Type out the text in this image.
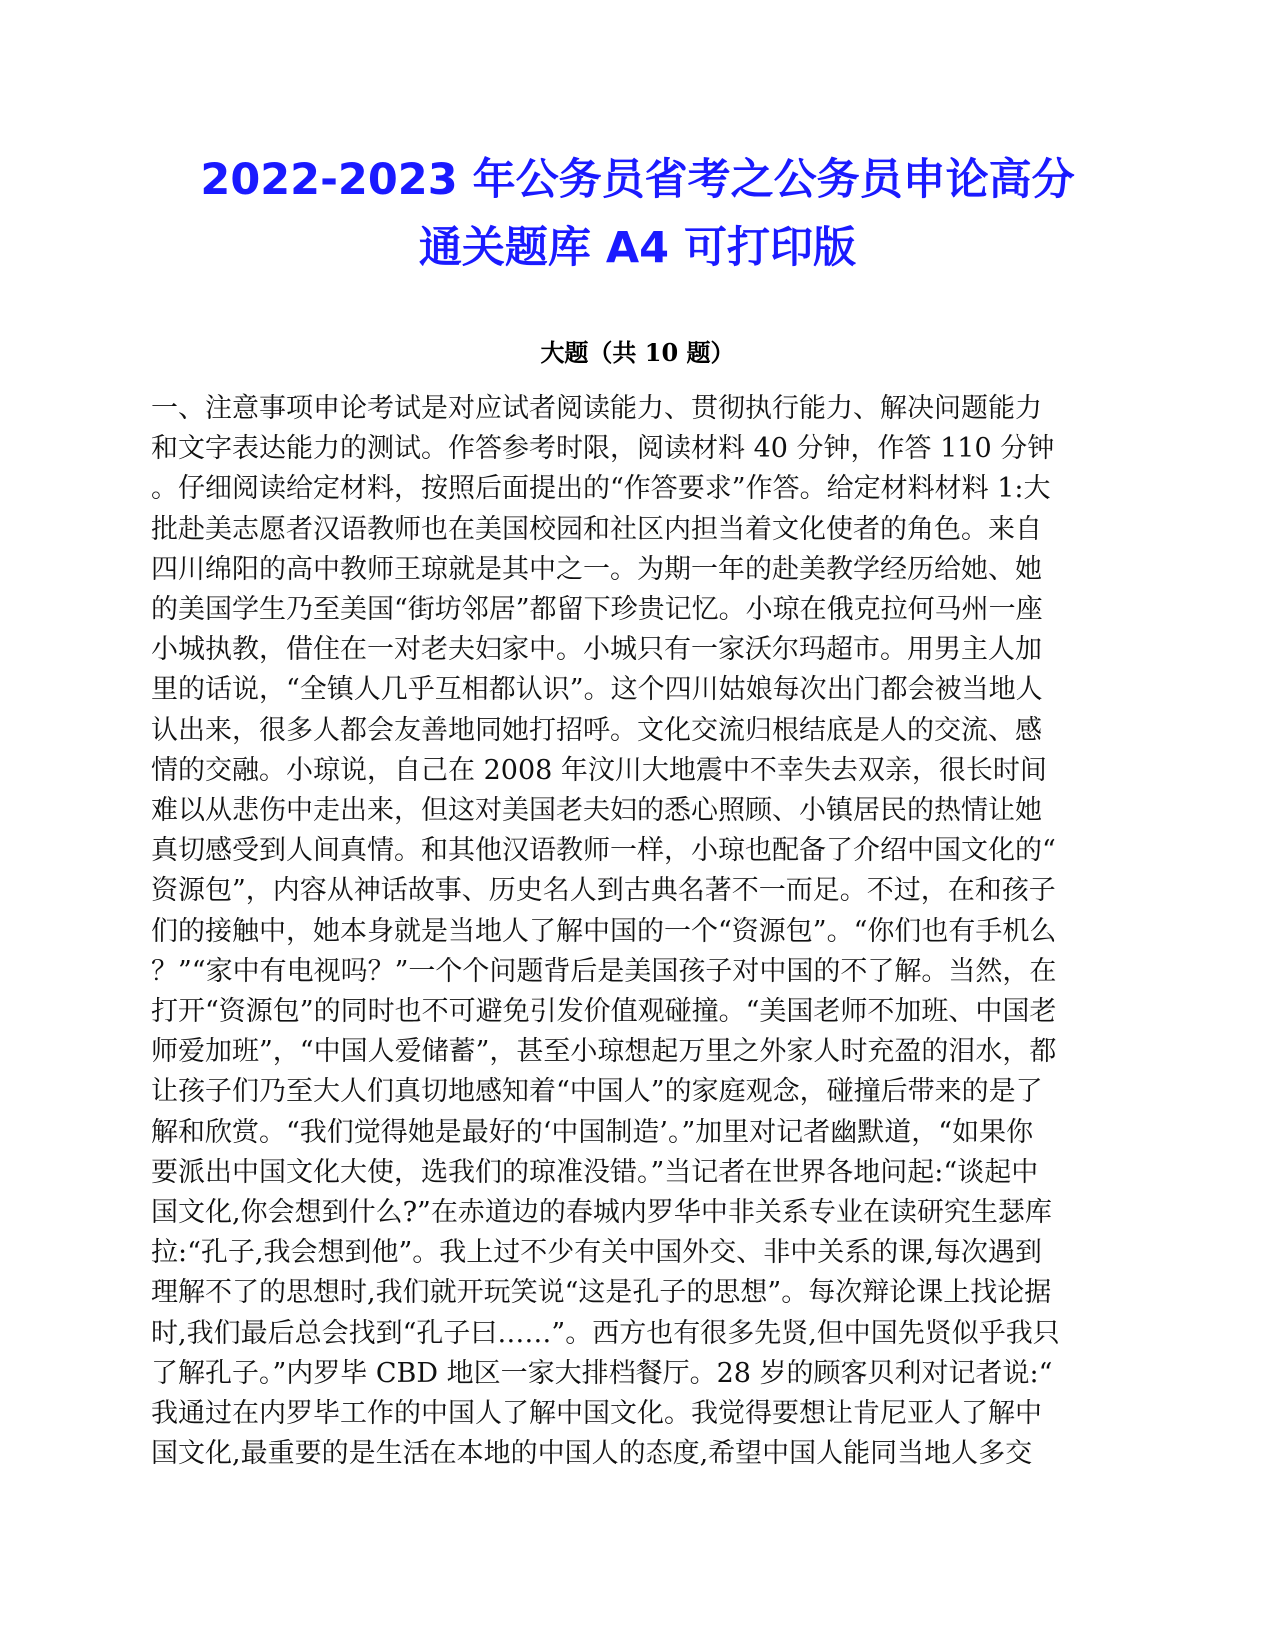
2022-2023 年公务员省考之公务员申论高分
通关题库 A4 可打印版
大题（共 10 题）
一、注意事项申论考试是对应试者阅读能力、贯彻执行能力、解决问题能力
和文字表达能力的测试。作答参考时限，阅读材料 40 分钟，作答 110 分钟
。仔细阅读给定材料，按照后面提出的“作答要求”作答。给定材料材料 1:大
批赴美志愿者汉语教师也在美国校园和社区内担当着文化使者的角色。来自
四川绵阳的高中教师王琼就是其中之一。为期一年的赴美教学经历给她、她
的美国学生乃至美国“街坊邻居”都留下珍贵记忆。小琼在俄克拉何马州一座
小城执教，借住在一对老夫妇家中。小城只有一家沃尔玛超市。用男主人加
里的话说，“全镇人几乎互相都认识”。这个四川姑娘每次出门都会被当地人
认出来，很多人都会友善地同她打招呼。文化交流归根结底是人的交流、感
情的交融。小琼说，自己在 2008 年汶川大地震中不幸失去双亲，很长时间
难以从悲伤中走出来，但这对美国老夫妇的悉心照顾、小镇居民的热情让她
真切感受到人间真情。和其他汉语教师一样，小琼也配备了介绍中国文化的“
资源包”，内容从神话故事、历史名人到古典名著不一而足。不过，在和孩子
们的接触中，她本身就是当地人了解中国的一个“资源包”。“你们也有手机么
？”“家中有电视吗？”一个个问题背后是美国孩子对中国的不了解。当然，在
打开“资源包”的同时也不可避免引发价值观碰撞。“美国老师不加班、中国老
师爱加班”，“中国人爱储蓄”，甚至小琼想起万里之外家人时充盈的泪水，都
让孩子们乃至大人们真切地感知着“中国人”的家庭观念，碰撞后带来的是了
解和欣赏。“我们觉得她是最好的‘中国制造’。”加里对记者幽默道，“如果你
要派出中国文化大使，选我们的琼准没错。”当记者在世界各地问起:“谈起中
国文化,你会想到什么?”在赤道边的春城内罗华中非关系专业在读研究生瑟库
拉:“孔子,我会想到他”。我上过不少有关中国外交、非中关系的课,每次遇到
理解不了的思想时,我们就开玩笑说“这是孔子的思想”。每次辩论课上找论据
时,我们最后总会找到“孔子曰……”。西方也有很多先贤,但中国先贤似乎我只
了解孔子。”内罗毕 CBD 地区一家大排档餐厅。28 岁的顾客贝利对记者说:“
我通过在内罗毕工作的中国人了解中国文化。我觉得要想让肯尼亚人了解中
国文化,最重要的是生活在本地的中国人的态度,希望中国人能同当地人多交
